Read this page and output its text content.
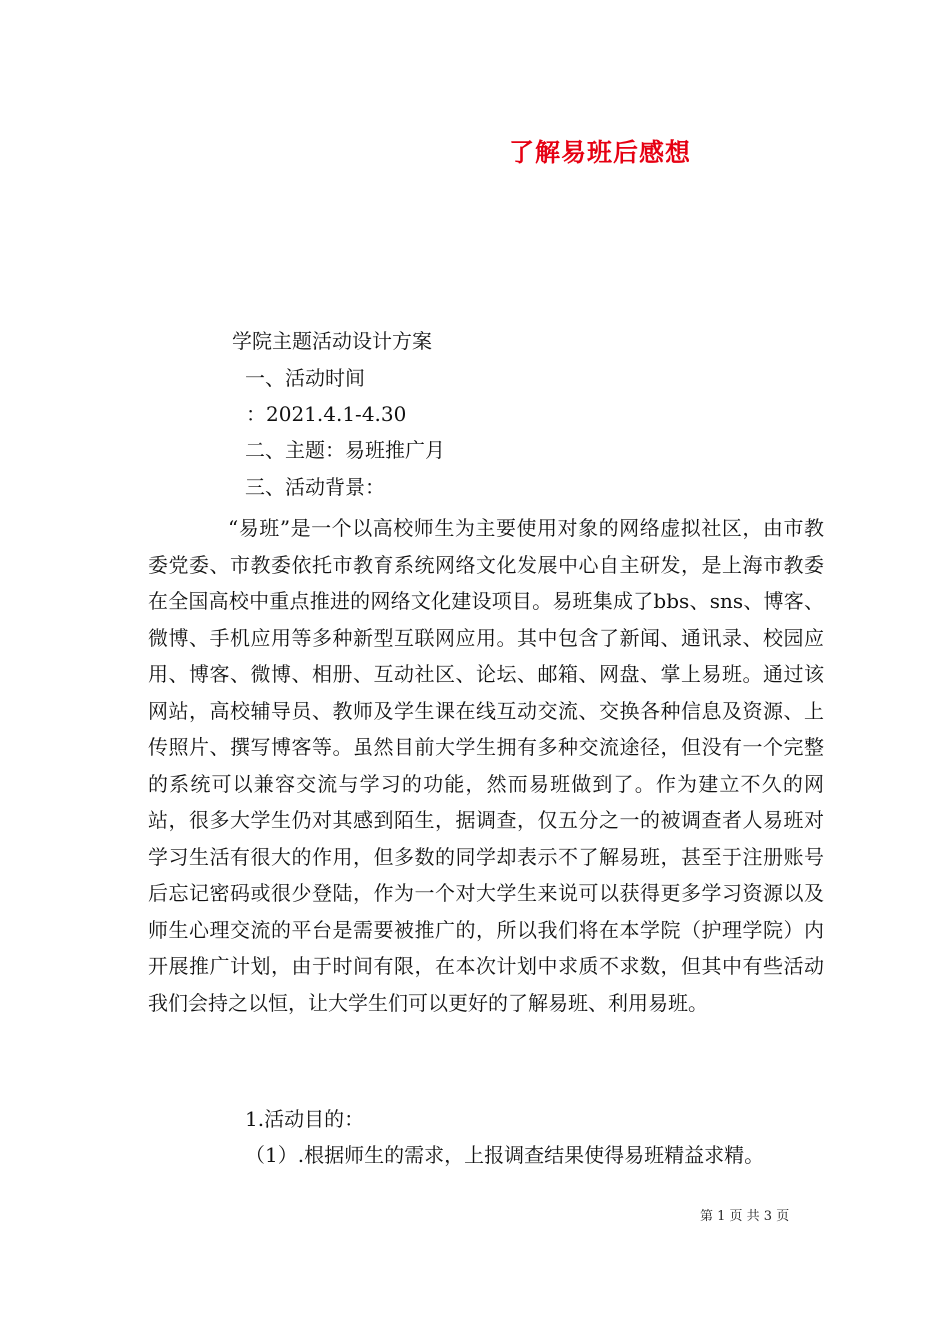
了解易班后感想
学院主题活动设计方案
一、活动时间
：2021.4.1-4.30
二、主题：易班推广月
三、活动背景：

“易班”是一个以高校师生为主要使用对象的网络虚拟社区，由市教委党委、市教委依托市教育系统网络文化发展中心自主研发，是上海市教委在全国高校中重点推进的网络文化建设项目。易班集成了bbs、sns、博客、微博、手机应用等多种新型互联网应用。其中包含了新闻、通讯录、校园应用、博客、微博、相册、互动社区、论坛、邮箱、网盘、掌上易班。通过该网站，高校辅导员、教师及学生课在线互动交流、交换各种信息及资源、上传照片、撰写博客等。虽然目前大学生拥有多种交流途径，但没有一个完整的系统可以兼容交流与学习的功能，然而易班做到了。作为建立不久的网站，很多大学生仍对其感到陌生，据调查，仅五分之一的被调查者人易班对学习生活有很大的作用，但多数的同学却表示不了解易班，甚至于注册账号后忘记密码或很少登陆，作为一个对大学生来说可以获得更多学习资源以及师生心理交流的平台是需要被推广的，所以我们将在本学院（护理学院）内开展推广计划，由于时间有限，在本次计划中求质不求数，但其中有些活动我们会持之以恒，让大学生们可以更好的了解易班、利用易班。

1.活动目的：
（1）.根据师生的需求，上报调查结果使得易班精益求精。
第 1 页 共 3 页
